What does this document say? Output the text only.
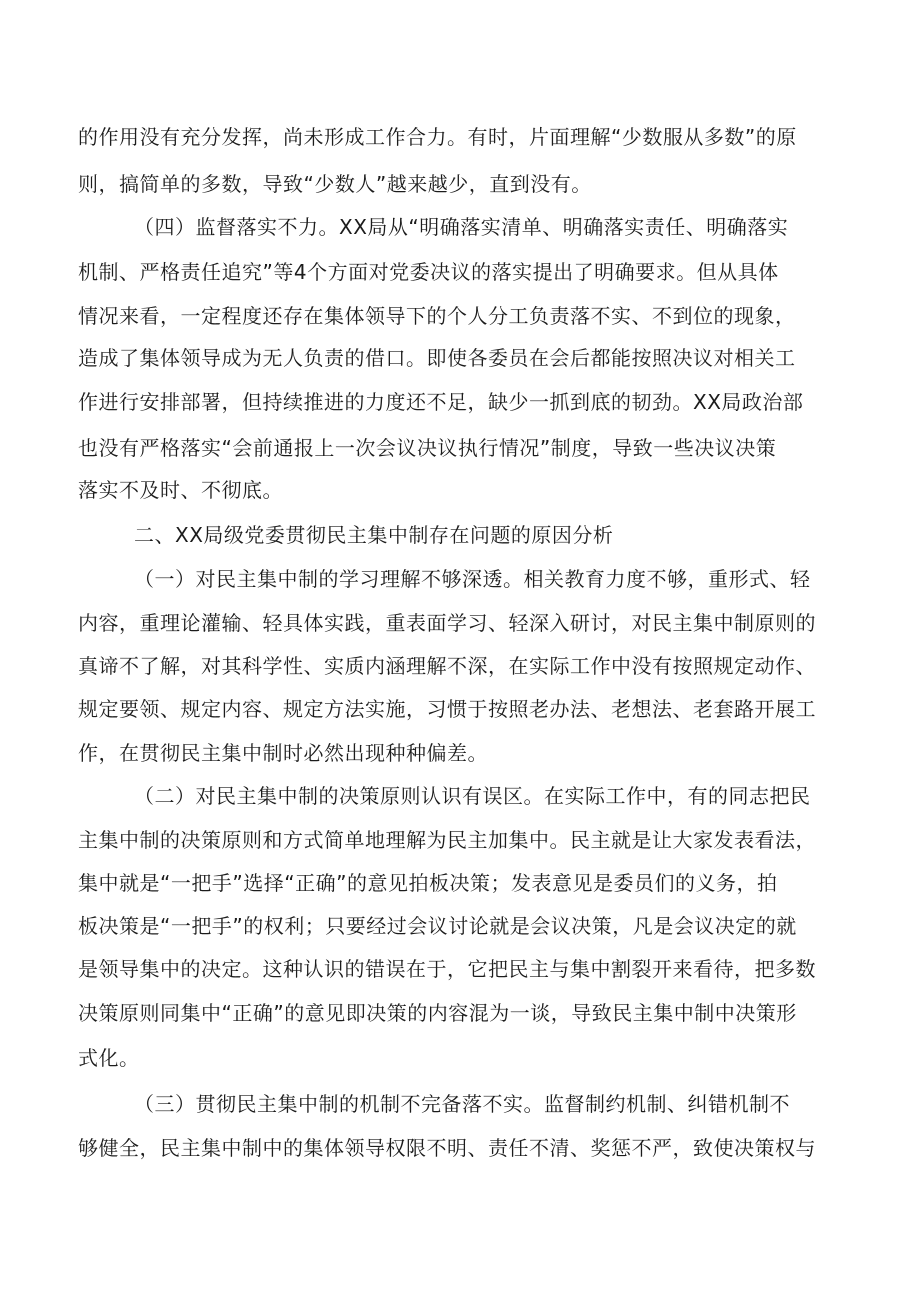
的作用没有充分发挥，尚未形成工作合力。有时，片面理解“少数服从多数”的原
则，搞简单的多数，导致“少数人”越来越少，直到没有。
（四）监督落实不力。XX局从“明确落实清单、明确落实责任、明确落实
机制、严格责任追究”等4个方面对党委决议的落实提出了明确要求。但从具体
情况来看，一定程度还存在集体领导下的个人分工负责落不实、不到位的现象，
造成了集体领导成为无人负责的借口。即使各委员在会后都能按照决议对相关工
作进行安排部署，但持续推进的力度还不足，缺少一抓到底的韧劲。XX局政治部
也没有严格落实“会前通报上一次会议决议执行情况”制度，导致一些决议决策
落实不及时、不彻底。
二、XX局级党委贯彻民主集中制存在问题的原因分析
（一）对民主集中制的学习理解不够深透。相关教育力度不够，重形式、轻
内容，重理论灌输、轻具体实践，重表面学习、轻深入研讨，对民主集中制原则的
真谛不了解，对其科学性、实质内涵理解不深，在实际工作中没有按照规定动作、
规定要领、规定内容、规定方法实施，习惯于按照老办法、老想法、老套路开展工
作，在贯彻民主集中制时必然出现种种偏差。
（二）对民主集中制的决策原则认识有误区。在实际工作中，有的同志把民
主集中制的决策原则和方式简单地理解为民主加集中。民主就是让大家发表看法，
集中就是“一把手”选择“正确”的意见拍板决策；发表意见是委员们的义务，拍
板决策是“一把手”的权利；只要经过会议讨论就是会议决策，凡是会议决定的就
是领导集中的决定。这种认识的错误在于，它把民主与集中割裂开来看待，把多数
决策原则同集中“正确”的意见即决策的内容混为一谈，导致民主集中制中决策形
式化。
（三）贯彻民主集中制的机制不完备落不实。监督制约机制、纠错机制不
够健全，民主集中制中的集体领导权限不明、责任不清、奖惩不严，致使决策权与
